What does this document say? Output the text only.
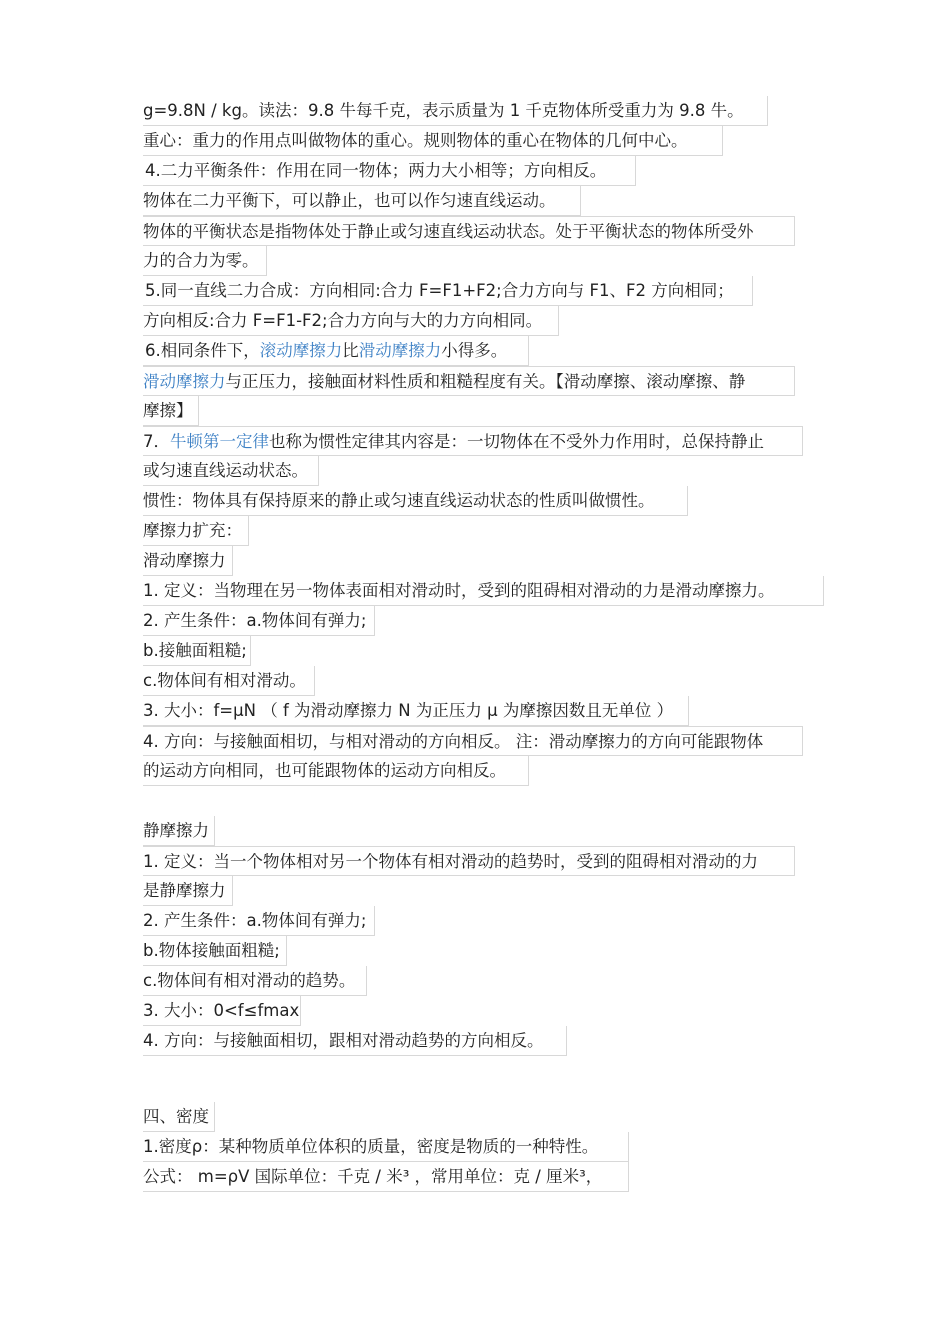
g=9.8N / kg。读法：9.8 牛每千克，表示质量为 1 千克物体所受重力为 9.8 牛。
重心：重力的作用点叫做物体的重心。规则物体的重心在物体的几何中心。
4.二力平衡条件：作用在同一物体；两力大小相等；方向相反。
物体在二力平衡下，可以静止，也可以作匀速直线运动。
物体的平衡状态是指物体处于静止或匀速直线运动状态。处于平衡状态的物体所受外
力的合力为零。
5.同一直线二力合成：方向相同:合力 F=F1+F2;合力方向与 F1、F2 方向相同；
方向相反:合力 F=F1-F2;合力方向与大的力方向相同。
6.相同条件下，滚动摩擦力比滑动摩擦力小得多。
滑动摩擦力与正压力，接触面材料性质和粗糙程度有关。【滑动摩擦、滚动摩擦、静
摩擦】
7．牛顿第一定律也称为惯性定律其内容是：一切物体在不受外力作用时，总保持静止
或匀速直线运动状态。
惯性：物体具有保持原来的静止或匀速直线运动状态的性质叫做惯性。
摩擦力扩充：
滑动摩擦力
1. 定义：当物理在另一物体表面相对滑动时，受到的阻碍相对滑动的力是滑动摩擦力。
2. 产生条件：a.物体间有弹力;
b.接触面粗糙;
c.物体间有相对滑动。
3. 大小：f=μN （ f 为滑动摩擦力 N 为正压力 μ 为摩擦因数且无单位 ）
4. 方向：与接触面相切，与相对滑动的方向相反。 注：滑动摩擦力的方向可能跟物体
的运动方向相同，也可能跟物体的运动方向相反。
静摩擦力
1. 定义：当一个物体相对另一个物体有相对滑动的趋势时，受到的阻碍相对滑动的力
是静摩擦力
2. 产生条件：a.物体间有弹力;
b.物体接触面粗糙;
c.物体间有相对滑动的趋势。
3. 大小：0<f≤fmax
4. 方向：与接触面相切，跟相对滑动趋势的方向相反。
四、密度
1.密度ρ：某种物质单位体积的质量，密度是物质的一种特性。
公式： m=ρV 国际单位：千克 / 米³ ，常用单位：克 / 厘米³，
